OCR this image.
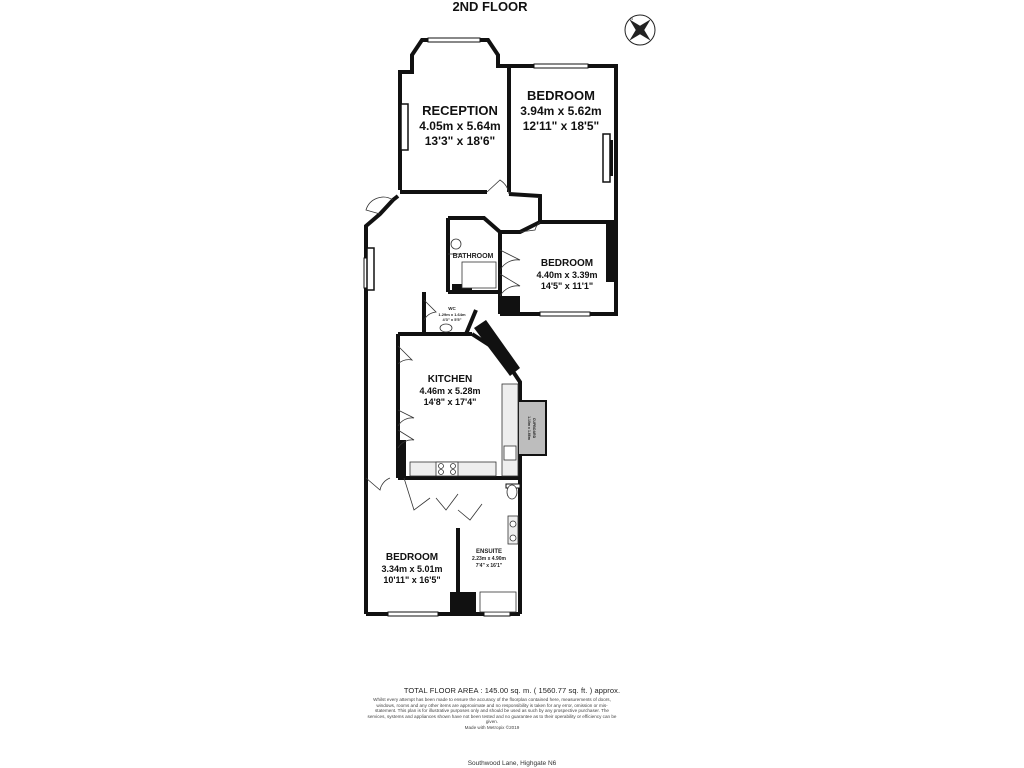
2ND FLOOR
N
RECEPTION
4.05m x 5.64m
13'3" x 18'6"
BEDROOM
3.94m x 5.62m
12'11" x 18'5"
BATHROOM
BEDROOM
4.40m x 3.39m
14'5" x 11'1"
WC
1.29m x 1.64m
4'3" x 5'5"
KITCHEN
4.46m x 5.28m
14'8" x 17'4"
CUPBOARD
1.10m x 1.66m
BEDROOM
3.34m x 5.01m
10'11" x 16'5"
ENSUITE
2.23m x 4.90m
7'4" x 16'1"
TOTAL FLOOR AREA : 145.00 sq. m. ( 1560.77 sq. ft. ) approx.
Whilst every attempt has been made to ensure the accuracy of the floorplan contained here, measurements of doors, windows, rooms and any other items are approximate and no responsibility is taken for any error, omission or mis-statement. This plan is for illustrative purposes only and should be used as such by any prospective purchaser. The services, systems and appliances shown have not been tested and no guarantee as to their operability or efficiency can be given.
Made with Metropix ©2019
Southwood Lane, Highgate N6
